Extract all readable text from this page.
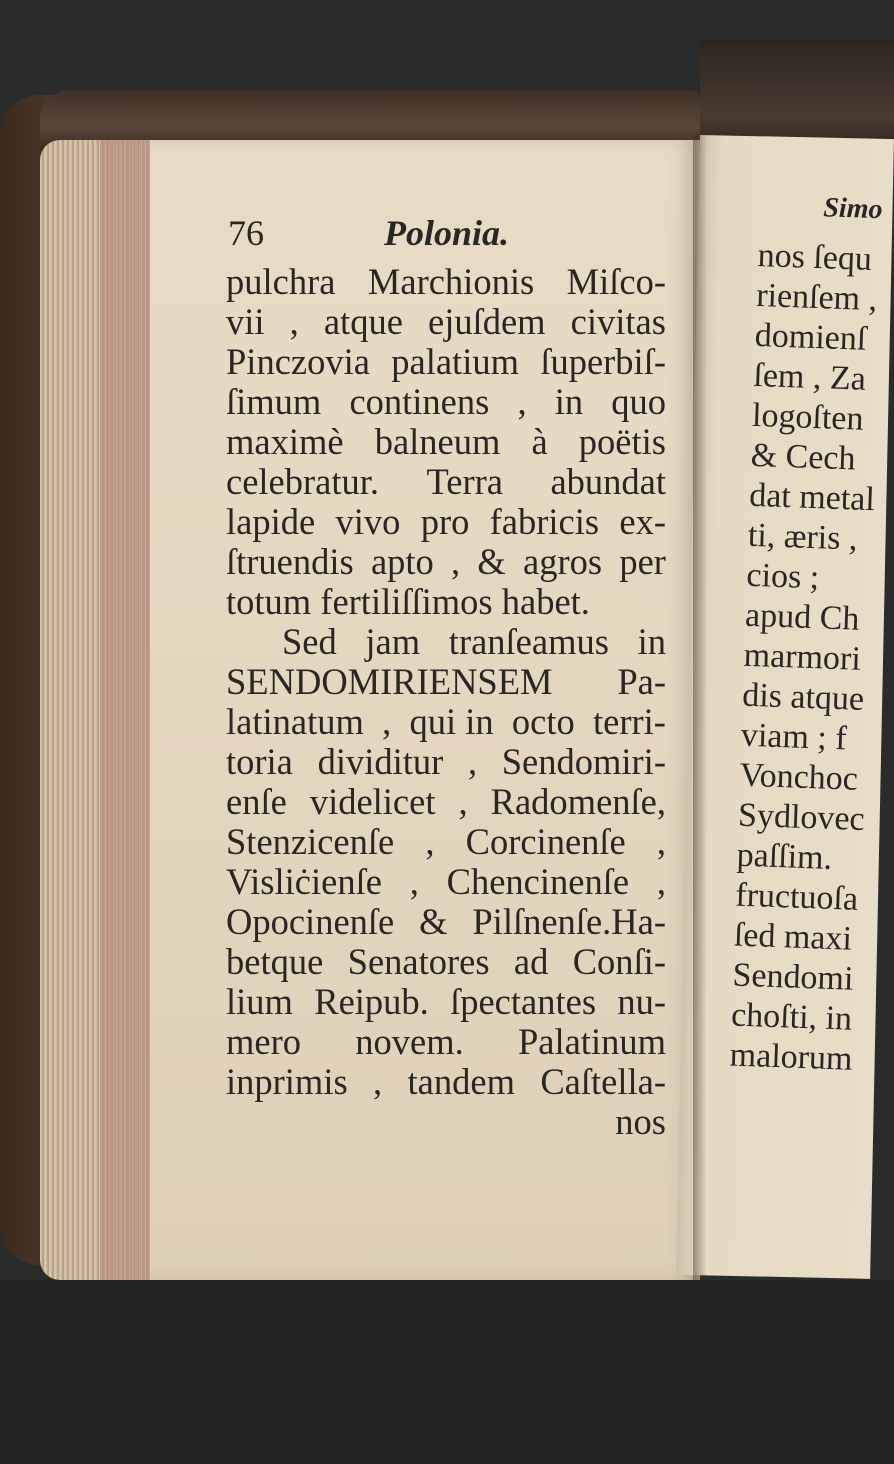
76	Polonia.
pulchra Marchionis Miſco-
vii , atque ejuſdem civitas
Pinczovia palatium ſuperbiſ-
ſimum continens , in quo
maximè balneum à poëtis
celebratur. Terra abundat
lapide vivo pro fabricis ex-
ſtruendis apto , & agros per
totum fertiliſſimos habet.
Sed jam tranſeamus in
SENDOMIRIENSEM Pa-
latinatum , qui in octo terri-
toria dividitur , Sendomiri-
enſe videlicet , Radomenſe,
Stenzicenſe , Corcinenſe ,
Visliċienſe , Chencinenſe ,
Opocinenſe & Pilſnenſe.Ha-
betque Senatores ad Conſi-
lium Reipub. ſpectantes nu-
mero novem. Palatinum
inprimis , tandem Caſtella-
nos
Simo
nos ſequ
rienſem ,
domienſ
ſem , Za
logoſten
& Cech
dat metal
ti, æris ,
cios ;
apud Ch
marmori
dis atque
viam ; f
Vonchoc
Sydlovec
paſſim.
fructuoſa
ſed maxi
Sendomi
choſti, in
malorum
